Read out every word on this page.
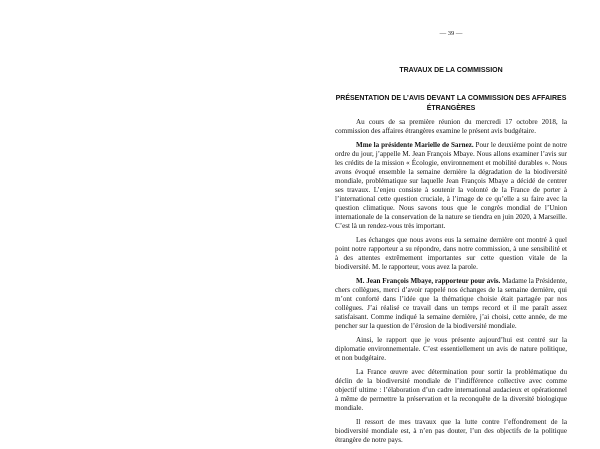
— 39 —
TRAVAUX DE LA COMMISSION
PRÉSENTATION DE L’AVIS DEVANT LA COMMISSION DES AFFAIRES ÉTRANGÈRES

Au cours de sa première réunion du mercredi 17 octobre 2018, la commission des affaires étrangères examine le présent avis budgétaire.

Mme la présidente Marielle de Sarnez. Pour le deuxième point de notre ordre du jour, j’appelle M. Jean François Mbaye. Nous allons examiner l’avis sur les crédits de la mission « Écologie, environnement et mobilité durables ». Nous avons évoqué ensemble la semaine dernière la dégradation de la biodiversité mondiale, problématique sur laquelle Jean François Mbaye a décidé de centrer ses travaux. L’enjeu consiste à soutenir la volonté de la France de porter à l’international cette question cruciale, à l’image de ce qu’elle a su faire avec la question climatique. Nous savons tous que le congrès mondial de l’Union internationale de la conservation de la nature se tiendra en juin 2020, à Marseille. C’est là un rendez-vous très important.

Les échanges que nous avons eus la semaine dernière ont montré à quel point notre rapporteur a su répondre, dans notre commission, à une sensibilité et à des attentes extrêmement importantes sur cette question vitale de la biodiversité. M. le rapporteur, vous avez la parole.

M. Jean François Mbaye, rapporteur pour avis. Madame la Présidente, chers collègues, merci d’avoir rappelé nos échanges de la semaine dernière, qui m’ont conforté dans l’idée que la thématique choisie était partagée par nos collègues. J’ai réalisé ce travail dans un temps record et il me paraît assez satisfaisant. Comme indiqué la semaine dernière, j’ai choisi, cette année, de me pencher sur la question de l’érosion de la biodiversité mondiale.

Ainsi, le rapport que je vous présente aujourd’hui est centré sur la diplomatie environnementale. C’est essentiellement un avis de nature politique, et non budgétaire.

La France œuvre avec détermination pour sortir la problématique du déclin de la biodiversité mondiale de l’indifférence collective avec comme objectif ultime : l’élaboration d’un cadre international audacieux et opérationnel à même de permettre la préservation et la reconquête de la diversité biologique mondiale.

Il ressort de mes travaux que la lutte contre l’effondrement de la biodiversité mondiale est, à n’en pas douter, l’un des objectifs de la politique étrangère de notre pays.
